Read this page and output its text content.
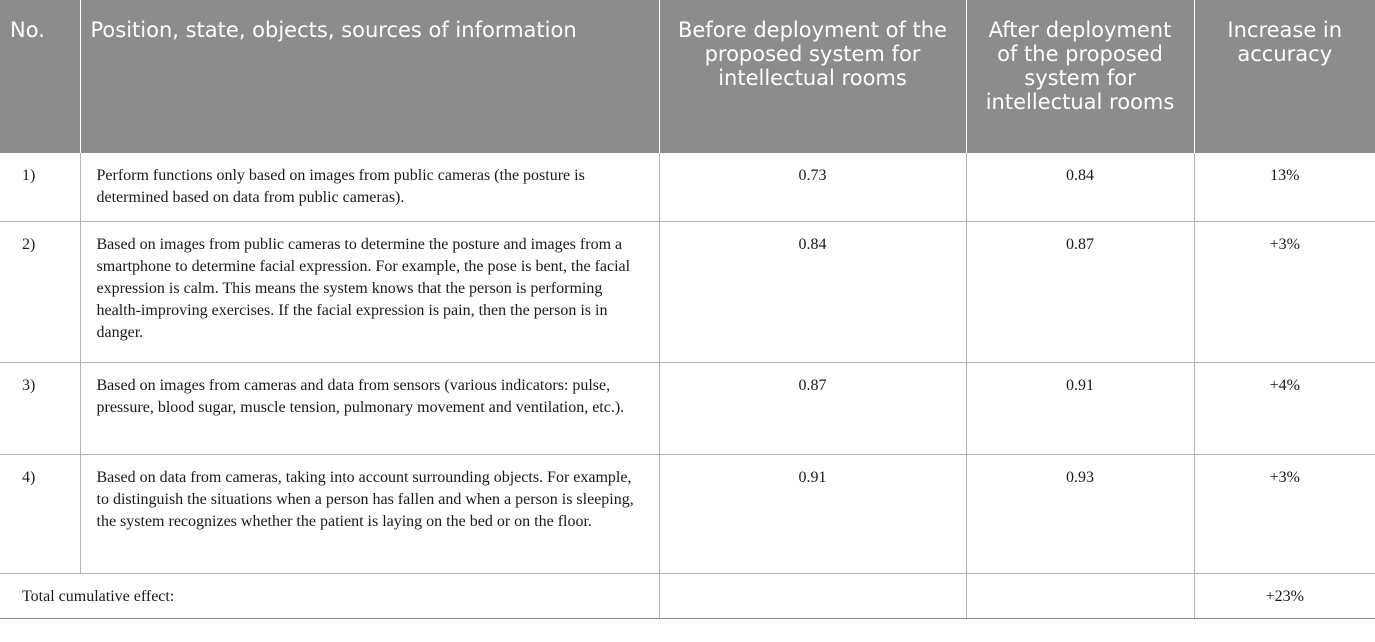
No.	Position, state, objects, sources of information	Before deployment of the proposed system for intellectual rooms	After deployment of the proposed system for intellectual rooms	Increase in accuracy
1)	Perform functions only based on images from public cameras (the posture is determined based on data from public cameras).	0.73	0.84	13%
2)	Based on images from public cameras to determine the posture and images from a smartphone to determine facial expression. For example, the pose is bent, the facial expression is calm. This means the system knows that the person is performing health-improving exercises. If the facial expression is pain, then the person is in danger.	0.84	0.87	+3%
3)	Based on images from cameras and data from sensors (various indicators: pulse, pressure, blood sugar, muscle tension, pulmonary movement and ventilation, etc.).	0.87	0.91	+4%
4)	Based on data from cameras, taking into account surrounding objects. For example, to distinguish the situations when a person has fallen and when a person is sleeping, the system recognizes whether the patient is laying on the bed or on the floor.	0.91	0.93	+3%
Total cumulative effect:				+23%
